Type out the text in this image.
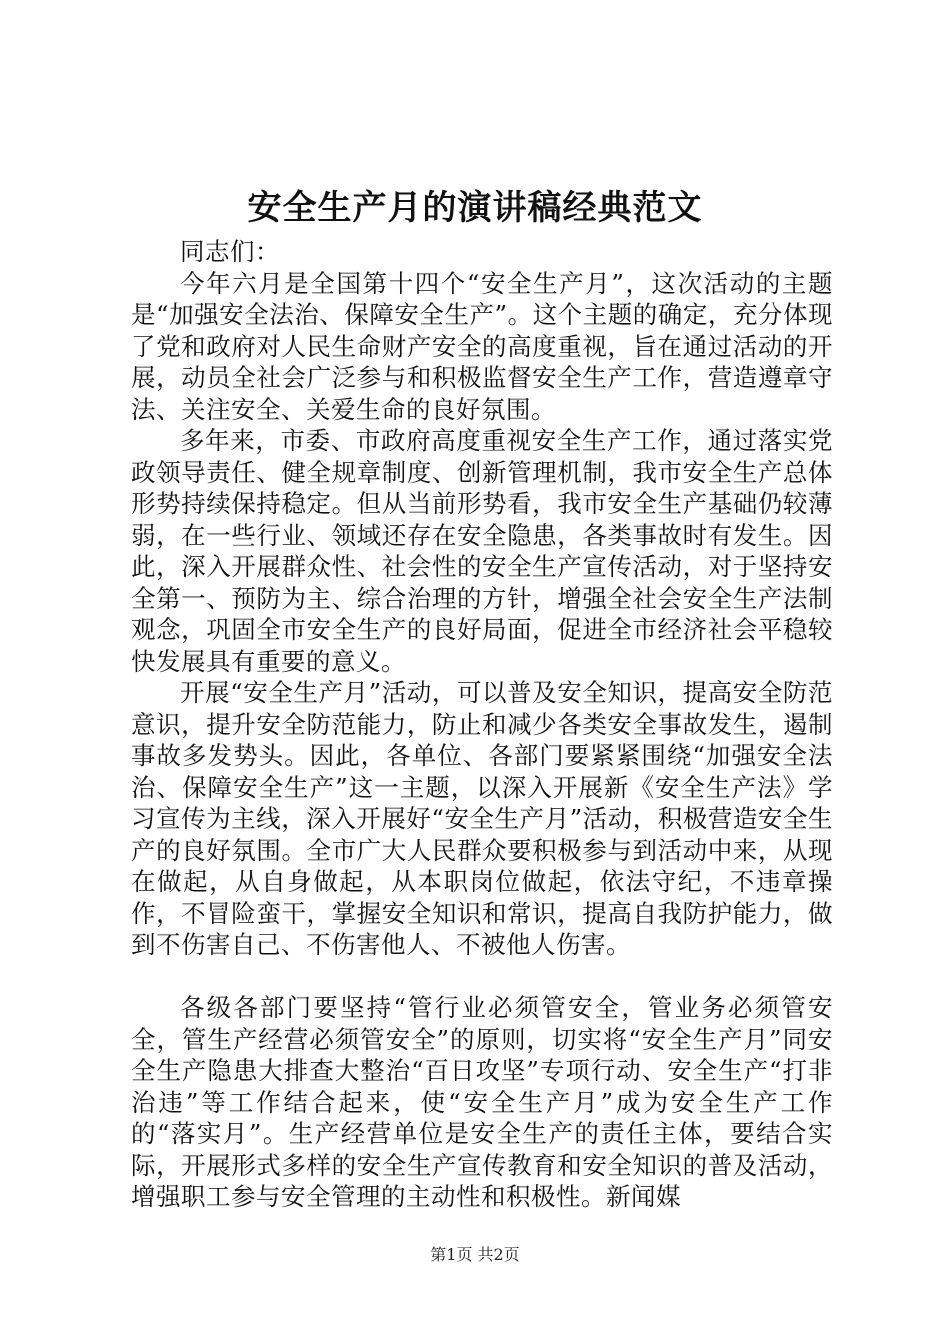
安全生产月的演讲稿经典范文

同志们：

今年六月是全国第十四个“安全生产月”，这次活动的主题是“加强安全法治、保障安全生产”。这个主题的确定，充分体现了党和政府对人民生命财产安全的高度重视，旨在通过活动的开展，动员全社会广泛参与和积极监督安全生产工作，营造遵章守法、关注安全、关爱生命的良好氛围。

多年来，市委、市政府高度重视安全生产工作，通过落实党政领导责任、健全规章制度、创新管理机制，我市安全生产总体形势持续保持稳定。但从当前形势看，我市安全生产基础仍较薄弱，在一些行业、领域还存在安全隐患，各类事故时有发生。因此，深入开展群众性、社会性的安全生产宣传活动，对于坚持安全第一、预防为主、综合治理的方针，增强全社会安全生产法制观念，巩固全市安全生产的良好局面，促进全市经济社会平稳较快发展具有重要的意义。

开展“安全生产月”活动，可以普及安全知识，提高安全防范意识，提升安全防范能力，防止和减少各类安全事故发生，遏制事故多发势头。因此，各单位、各部门要紧紧围绕“加强安全法治、保障安全生产”这一主题，以深入开展新《安全生产法》学习宣传为主线，深入开展好“安全生产月”活动，积极营造安全生产的良好氛围。全市广大人民群众要积极参与到活动中来，从现在做起，从自身做起，从本职岗位做起，依法守纪，不违章操作，不冒险蛮干，掌握安全知识和常识，提高自我防护能力，做到不伤害自己、不伤害他人、不被他人伤害。

各级各部门要坚持“管行业必须管安全，管业务必须管安全，管生产经营必须管安全”的原则，切实将“安全生产月”同安全生产隐患大排查大整治“百日攻坚”专项行动、安全生产“打非治违”等工作结合起来，使“安全生产月”成为安全生产工作的“落实月”。生产经营单位是安全生产的责任主体，要结合实际，开展形式多样的安全生产宣传教育和安全知识的普及活动，增强职工参与安全管理的主动性和积极性。新闻媒

第1页 共2页
